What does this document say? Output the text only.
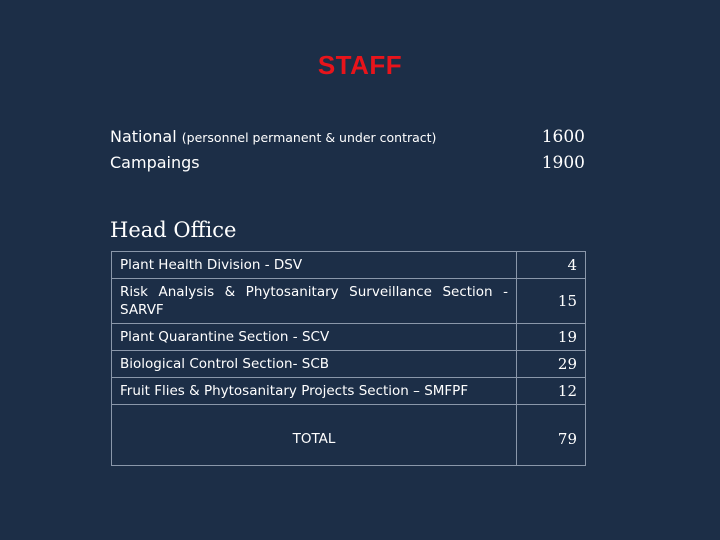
STAFF
National (personnel permanent & under contract)	1600
Campaings	1900
Head Office
Plant Health Division - DSV	4
Risk Analysis & Phytosanitary Surveillance Section - SARVF	15
Plant Quarantine Section - SCV	19
Biological Control Section- SCB	29
Fruit Flies & Phytosanitary Projects Section – SMFPF	12
TOTAL	79
